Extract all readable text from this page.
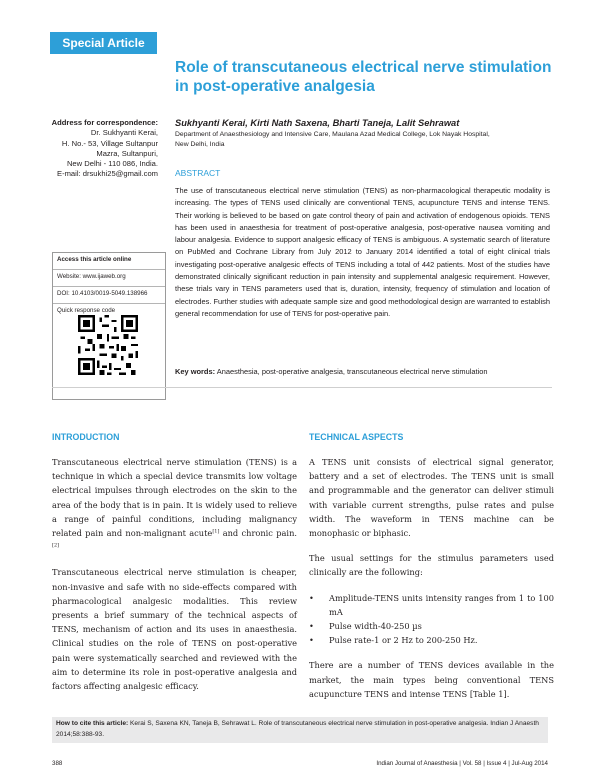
Special Article
Role of transcutaneous electrical nerve stimulation
in post-operative analgesia
Address for correspondence:
Dr. Sukhyanti Kerai,
H. No.- 53, Village Sultanpur
Mazra, Sultanpuri,
New Delhi - 110 086, India.
E-mail: drsukhi25@gmail.com
Sukhyanti Kerai, Kirti Nath Saxena, Bharti Taneja, Lalit Sehrawat
Department of Anaesthesiology and Intensive Care, Maulana Azad Medical College, Lok Nayak Hospital,
New Delhi, India
ABSTRACT
The use of transcutaneous electrical nerve stimulation (TENS) as non-pharmacological therapeutic modality is increasing. The types of TENS used clinically are conventional TENS, acupuncture TENS and intense TENS. Their working is believed to be based on gate control theory of pain and activation of endogenous opioids. TENS has been used in anaesthesia for treatment of post-operative analgesia, post-operative nausea vomiting and labour analgesia. Evidence to support analgesic efficacy of TENS is ambiguous. A systematic search of literature on PubMed and Cochrane Library from July 2012 to January 2014 identified a total of eight clinical trials investigating post-operative analgesic effects of TENS including a total of 442 patients. Most of the studies have demonstrated clinically significant reduction in pain intensity and supplemental analgesic requirement. However, these trials vary in TENS parameters used that is, duration, intensity, frequency of stimulation and location of electrodes. Further studies with adequate sample size and good methodological design are warranted to establish general recommendation for use of TENS for post-operative pain.
Key words: Anaesthesia, post-operative analgesia, transcutaneous electrical nerve stimulation
Access this article online
Website: www.ijaweb.org
DOI: 10.4103/0019-5049.138966
Quick response code
INTRODUCTION

Transcutaneous electrical nerve stimulation (TENS) is a technique in which a special device transmits low voltage electrical impulses through electrodes on the skin to the area of the body that is in pain. It is widely used to relieve a range of painful conditions, including malignancy related pain and non-malignant acute[1] and chronic pain.[2]

Transcutaneous electrical nerve stimulation is cheaper, non-invasive and safe with no side-effects compared with pharmacological analgesic modalities. This review presents a brief summary of the technical aspects of TENS, mechanism of action and its uses in anaesthesia. Clinical studies on the role of TENS on post-operative pain were systematically searched and reviewed with the aim to determine its role in post-operative analgesia and factors affecting analgesic efficacy.

TECHNICAL ASPECTS

A TENS unit consists of electrical signal generator, battery and a set of electrodes. The TENS unit is small and programmable and the generator can deliver stimuli with variable current strengths, pulse rates and pulse width. The waveform in TENS machine can be monophasic or biphasic.

The usual settings for the stimulus parameters used clinically are the following:

• Amplitude-TENS units intensity ranges from 1 to 100 mA
• Pulse width-40-250 µs
• Pulse rate-1 or 2 Hz to 200-250 Hz.

There are a number of TENS devices available in the market, the main types being conventional TENS acupuncture TENS and intense TENS [Table 1].

How to cite this article: Kerai S, Saxena KN, Taneja B, Sehrawat L. Role of transcutaneous electrical nerve stimulation in post-operative analgesia. Indian J Anaesth 2014;58:388-93.
388	Indian Journal of Anaesthesia | Vol. 58 | Issue 4 | Jul-Aug 2014
